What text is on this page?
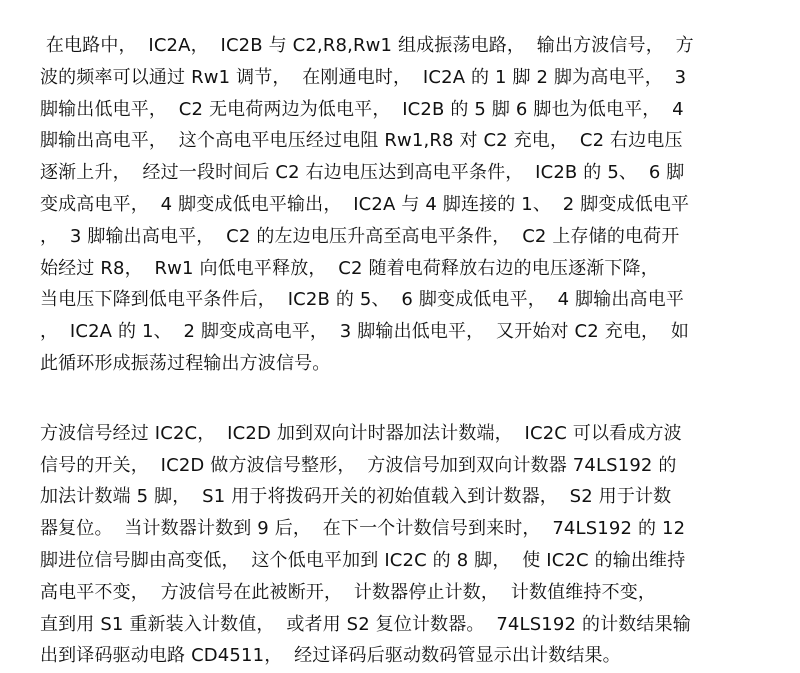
在电路中，  IC2A，  IC2B 与 C2,R8,Rw1 组成振荡电路，  输出方波信号，  方
波的频率可以通过 Rw1 调节，  在刚通电时，  IC2A 的 1 脚 2 脚为高电平，  3
脚输出低电平，  C2 无电荷两边为低电平，  IC2B 的 5 脚 6 脚也为低电平，  4
脚输出高电平，  这个高电平电压经过电阻 Rw1,R8 对 C2 充电，  C2 右边电压
逐渐上升，  经过一段时间后 C2 右边电压达到高电平条件，  IC2B 的 5、  6 脚
变成高电平，  4 脚变成低电平输出，  IC2A 与 4 脚连接的 1、  2 脚变成低电平
，  3 脚输出高电平，  C2 的左边电压升高至高电平条件，  C2 上存储的电荷开
始经过 R8，  Rw1 向低电平释放，  C2 随着电荷释放右边的电压逐渐下降，
当电压下降到低电平条件后，  IC2B 的 5、  6 脚变成低电平，  4 脚输出高电平
，  IC2A 的 1、  2 脚变成高电平，  3 脚输出低电平，  又开始对 C2 充电，  如
此循环形成振荡过程输出方波信号。
方波信号经过 IC2C，  IC2D 加到双向计时器加法计数端，  IC2C 可以看成方波
信号的开关，  IC2D 做方波信号整形，  方波信号加到双向计数器 74LS192 的
加法计数端 5 脚，  S1 用于将拨码开关的初始值载入到计数器，  S2 用于计数
器复位。  当计数器计数到 9 后，  在下一个计数信号到来时，  74LS192 的 12
脚进位信号脚由高变低，  这个低电平加到 IC2C 的 8 脚，  使 IC2C 的输出维持
高电平不变，  方波信号在此被断开，  计数器停止计数，  计数值维持不变，
直到用 S1 重新装入计数值，  或者用 S2 复位计数器。  74LS192 的计数结果输
出到译码驱动电路 CD4511，  经过译码后驱动数码管显示出计数结果。
